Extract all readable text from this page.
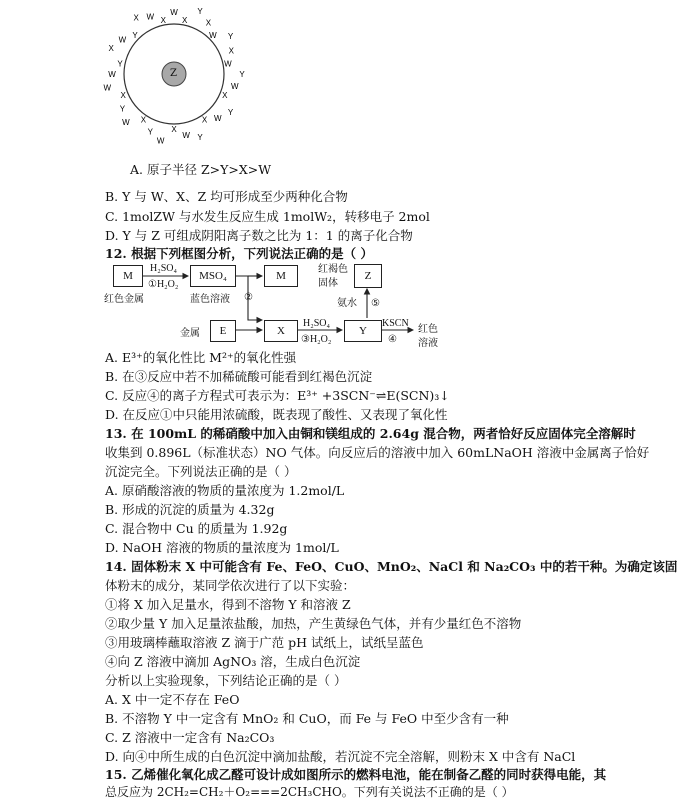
W
X
Y
X
W Y
X
W
Y
W
X
Y
W
X
Y
W
X
W
Y
X
W
Y
X
W
W
Y
X
W Y
X W X
Z
A. 原子半径 Z>Y>X>W
B. Y 与 W、X、Z 均可形成至少两种化合物
C. 1molZW 与水发生反应生成 1molW₂，转移电子 2mol
D. Y 与 Z 可组成阴阳离子数之比为 1：1 的离子化合物
12. 根据下列框图分析，下列说法正确的是（ ）
M	MSO₄	M	Z
E	X	Y
红色金属
H₂SO₄
①H₂O₂
蓝色溶液 ②
金属
H₂SO₄
③H₂O₂
红褐色
固体
氨水 ⑤
KSCN
④
红色
溶液
A. E³⁺的氧化性比 M²⁺的氧化性强
B. 在③反应中若不加稀硫酸可能看到红褐色沉淀
C. 反应④的离子方程式可表示为：E³⁺ +3SCN⁻⇌E(SCN)₃↓
D. 在反应①中只能用浓硫酸，既表现了酸性、又表现了氧化性
13. 在 100mL 的稀硝酸中加入由铜和镁组成的 2.64g 混合物，两者恰好反应固体完全溶解时
收集到 0.896L（标准状态）NO 气体。向反应后的溶液中加入 60mLNaOH 溶液中金属离子恰好
沉淀完全。下列说法正确的是（ ）
A. 原硝酸溶液的物质的量浓度为 1.2mol/L
B. 形成的沉淀的质量为 4.32g
C. 混合物中 Cu 的质量为 1.92g
D. NaOH 溶液的物质的量浓度为 1mol/L
14. 固体粉末 X 中可能含有 Fe、FeO、CuO、MnO₂、NaCl 和 Na₂CO₃ 中的若干种。为确定该固
体粉末的成分，某同学依次进行了以下实验：
①将 X 加入足量水，得到不溶物 Y 和溶液 Z
②取少量 Y 加入足量浓盐酸，加热，产生黄绿色气体，并有少量红色不溶物
③用玻璃棒蘸取溶液 Z 滴于广范 pH 试纸上，试纸呈蓝色
④向 Z 溶液中滴加 AgNO₃ 溶，生成白色沉淀
分析以上实验现象，下列结论正确的是（ ）
A. X 中一定不存在 FeO
B. 不溶物 Y 中一定含有 MnO₂ 和 CuO，而 Fe 与 FeO 中至少含有一种
C. Z 溶液中一定含有 Na₂CO₃
D. 向④中所生成的白色沉淀中滴加盐酸，若沉淀不完全溶解，则粉末 X 中含有 NaCl
15. 乙烯催化氧化成乙醛可设计成如图所示的燃料电池，能在制备乙醛的同时获得电能，其
总反应为 2CH₂=CH₂＋O₂===2CH₃CHO。下列有关说法不正确的是（ ）
